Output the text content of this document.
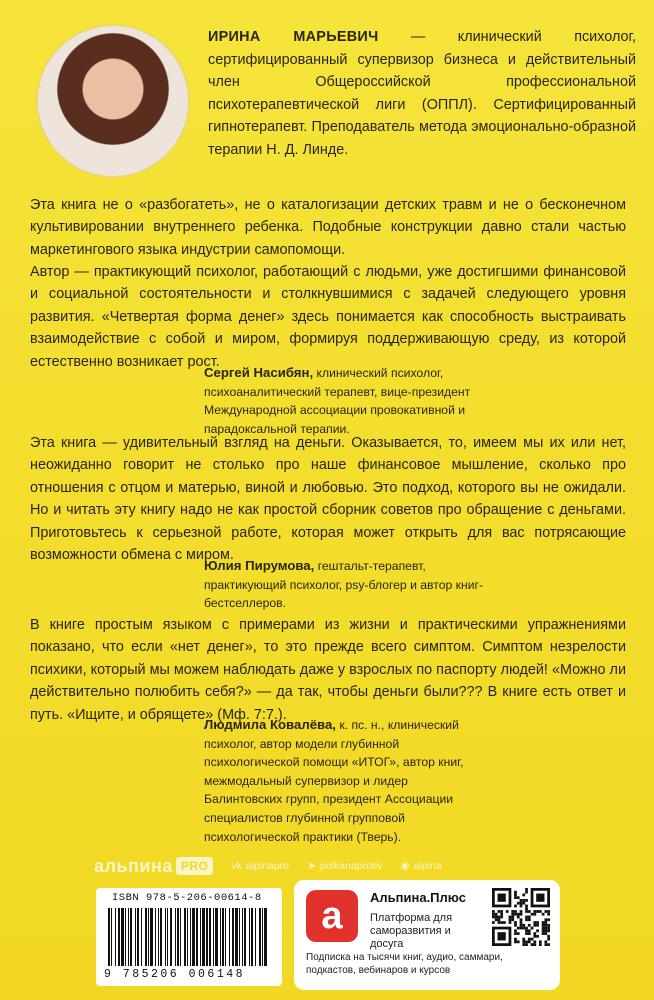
ИРИНА МАРЬЕВИЧ — клинический психолог, сертифицированный супервизор бизнеса и действительный член Общероссийской профессиональной психотерапевтической лиги (ОППЛ). Сертифицированный гипнотерапевт. Преподаватель метода эмоционально-образной терапии Н. Д. Линде.
Эта книга не о «разбогатеть», не о каталогизации детских травм и не о бесконечном культивировании внутреннего ребенка. Подобные конструкции давно стали частью маркетингового языка индустрии самопомощи.
Автор — практикующий психолог, работающий с людьми, уже достигшими финансовой и социальной состоятельности и столкнувшимися с задачей следующего уровня развития. «Четвертая форма денег» здесь понимается как способность выстраивать взаимодействие с собой и миром, формируя поддерживающую среду, из которой естественно возникает рост.
Сергей Насибян, клинический психолог, психоаналитический терапевт, вице-президент Международной ассоциации провокативной и парадоксальной терапии.
Эта книга — удивительный взгляд на деньги. Оказывается, то, имеем мы их или нет, неожиданно говорит не столько про наше финансовое мышление, сколько про отношения с отцом и матерью, виной и любовью. Это подход, которого вы не ожидали. Но и читать эту книгу надо не как простой сборник советов про обращение с деньгами. Приготовьтесь к серьезной работе, которая может открыть для вас потрясающие возможности обмена с миром.
Юлия Пирумова, гештальт-терапевт, практикующий психолог, psy-блогер и автор книг-бестселлеров.
В книге простым языком с примерами из жизни и практическими упражнениями показано, что если «нет денег», то это прежде всего симптом. Симптом незрелости психики, который мы можем наблюдать даже у взрослых по паспорту людей! «Можно ли действительно полюбить себя?» — да так, чтобы деньги были??? В книге есть ответ и путь. «Ищите, и обрящете» (Мф. 7:7.).
Людмила Ковалёва, к. пс. н., клинический психолог, автор модели глубинной психологической помощи «ИТОГ», автор книг, межмодальный супервизор и лидер Балинтовских групп, президент Ассоциации специалистов глубинной групповой психологической практики (Тверь).
альпина PRO	vk alpinapro ➤ polkanaprotiv ◉ alpina
ISBN 978-5-206-00614-8
9 785206 006148
a	Альпина.Плюс
Платформа для саморазвития и досуга
Подписка на тысячи книг, аудио, саммари, подкастов, вебинаров и курсов
